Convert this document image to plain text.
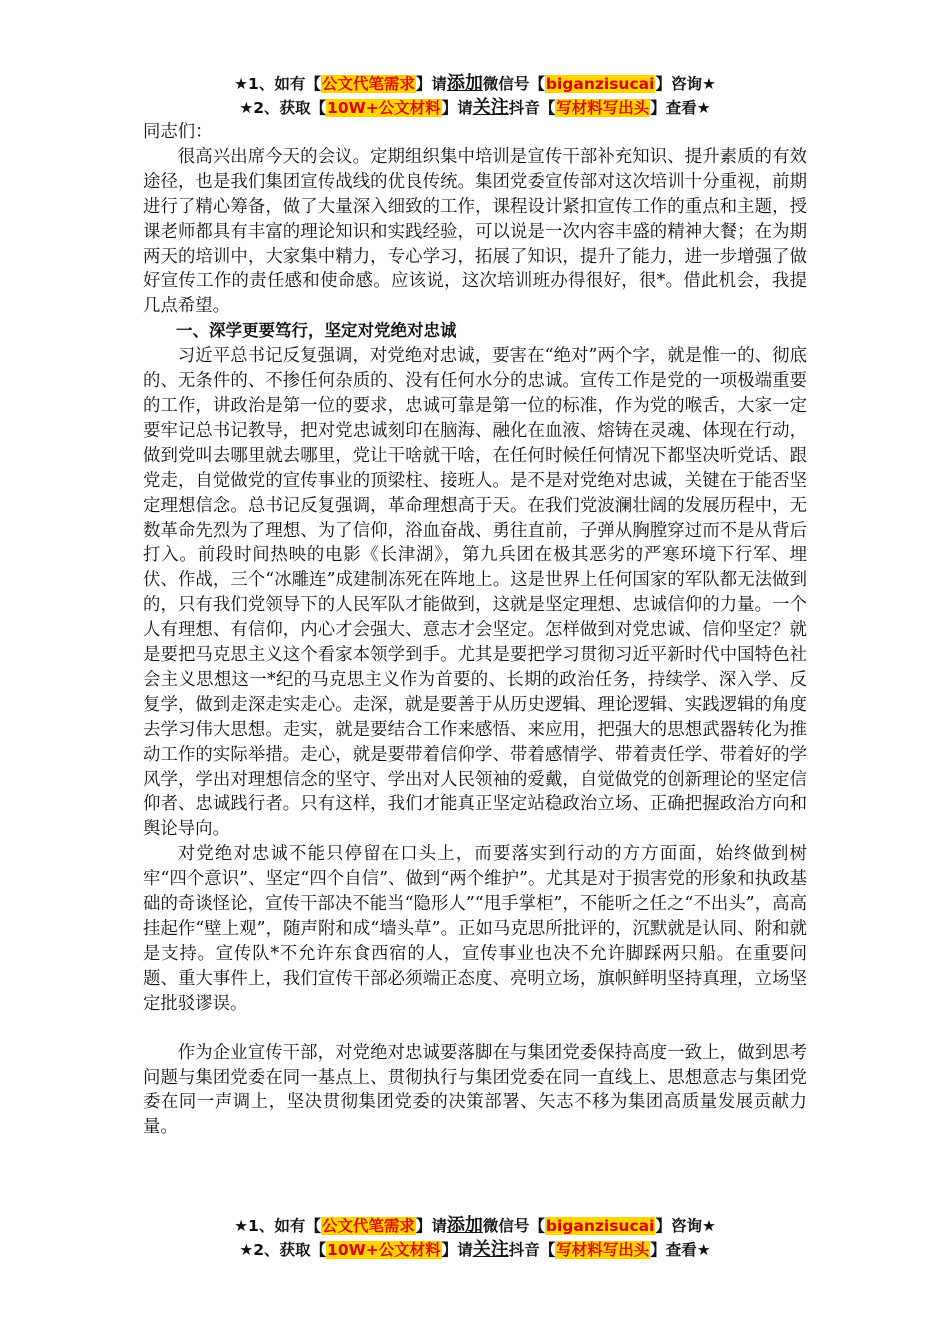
★1、如有【公文代笔需求】请添加微信号【biganzisucai】咨询★
★2、获取【10W+公文材料】请关注抖音【写材料写出头】查看★

同志们：

很高兴出席今天的会议。定期组织集中培训是宣传干部补充知识、提升素质的有效途径，也是我们集团宣传战线的优良传统。集团党委宣传部对这次培训十分重视，前期进行了精心筹备，做了大量深入细致的工作，课程设计紧扣宣传工作的重点和主题，授课老师都具有丰富的理论知识和实践经验，可以说是一次内容丰盛的精神大餐；在为期两天的培训中，大家集中精力，专心学习，拓展了知识，提升了能力，进一步增强了做好宣传工作的责任感和使命感。应该说，这次培训班办得很好，很*。借此机会，我提几点希望。

一、深学更要笃行，坚定对党绝对忠诚

习近平总书记反复强调，对党绝对忠诚，要害在“绝对”两个字，就是惟一的、彻底的、无条件的、不掺任何杂质的、没有任何水分的忠诚。宣传工作是党的一项极端重要的工作，讲政治是第一位的要求，忠诚可靠是第一位的标准，作为党的喉舌，大家一定要牢记总书记教导，把对党忠诚刻印在脑海、融化在血液、熔铸在灵魂、体现在行动，做到党叫去哪里就去哪里，党让干啥就干啥，在任何时候任何情况下都坚决听党话、跟党走，自觉做党的宣传事业的顶梁柱、接班人。是不是对党绝对忠诚，关键在于能否坚定理想信念。总书记反复强调，革命理想高于天。在我们党波澜壮阔的发展历程中，无数革命先烈为了理想、为了信仰，浴血奋战、勇往直前，子弹从胸膛穿过而不是从背后打入。前段时间热映的电影《长津湖》，第九兵团在极其恶劣的严寒环境下行军、埋伏、作战，三个“冰雕连”成建制冻死在阵地上。这是世界上任何国家的军队都无法做到的，只有我们党领导下的人民军队才能做到，这就是坚定理想、忠诚信仰的力量。一个人有理想、有信仰，内心才会强大、意志才会坚定。怎样做到对党忠诚、信仰坚定？就是要把马克思主义这个看家本领学到手。尤其是要把学习贯彻习近平新时代中国特色社会主义思想这一*纪的马克思主义作为首要的、长期的政治任务，持续学、深入学、反复学，做到走深走实走心。走深，就是要善于从历史逻辑、理论逻辑、实践逻辑的角度去学习伟大思想。走实，就是要结合工作来感悟、来应用，把强大的思想武器转化为推动工作的实际举措。走心，就是要带着信仰学、带着感情学、带着责任学、带着好的学风学，学出对理想信念的坚守、学出对人民领袖的爱戴，自觉做党的创新理论的坚定信仰者、忠诚践行者。只有这样，我们才能真正坚定站稳政治立场、正确把握政治方向和舆论导向。

对党绝对忠诚不能只停留在口头上，而要落实到行动的方方面面，始终做到树牢“四个意识”、坚定“四个自信”、做到“两个维护”。尤其是对于损害党的形象和执政基础的奇谈怪论，宣传干部决不能当“隐形人”“甩手掌柜”，不能听之任之“不出头”，高高挂起作“壁上观”，随声附和成“墙头草”。正如马克思所批评的，沉默就是认同、附和就是支持。宣传队*不允许东食西宿的人，宣传事业也决不允许脚踩两只船。在重要问题、重大事件上，我们宣传干部必须端正态度、亮明立场，旗帜鲜明坚持真理，立场坚定批驳谬误。

作为企业宣传干部，对党绝对忠诚要落脚在与集团党委保持高度一致上，做到思考问题与集团党委在同一基点上、贯彻执行与集团党委在同一直线上、思想意志与集团党委在同一声调上，坚决贯彻集团党委的决策部署、矢志不移为集团高质量发展贡献力量。

★1、如有【公文代笔需求】请添加微信号【biganzisucai】咨询★
★2、获取【10W+公文材料】请关注抖音【写材料写出头】查看★
